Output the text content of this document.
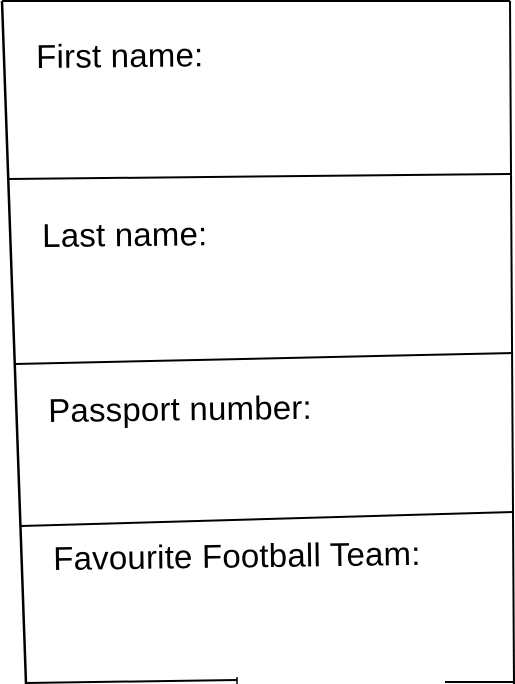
First name:
Last name:
Passport number:
Favourite Football Team:
